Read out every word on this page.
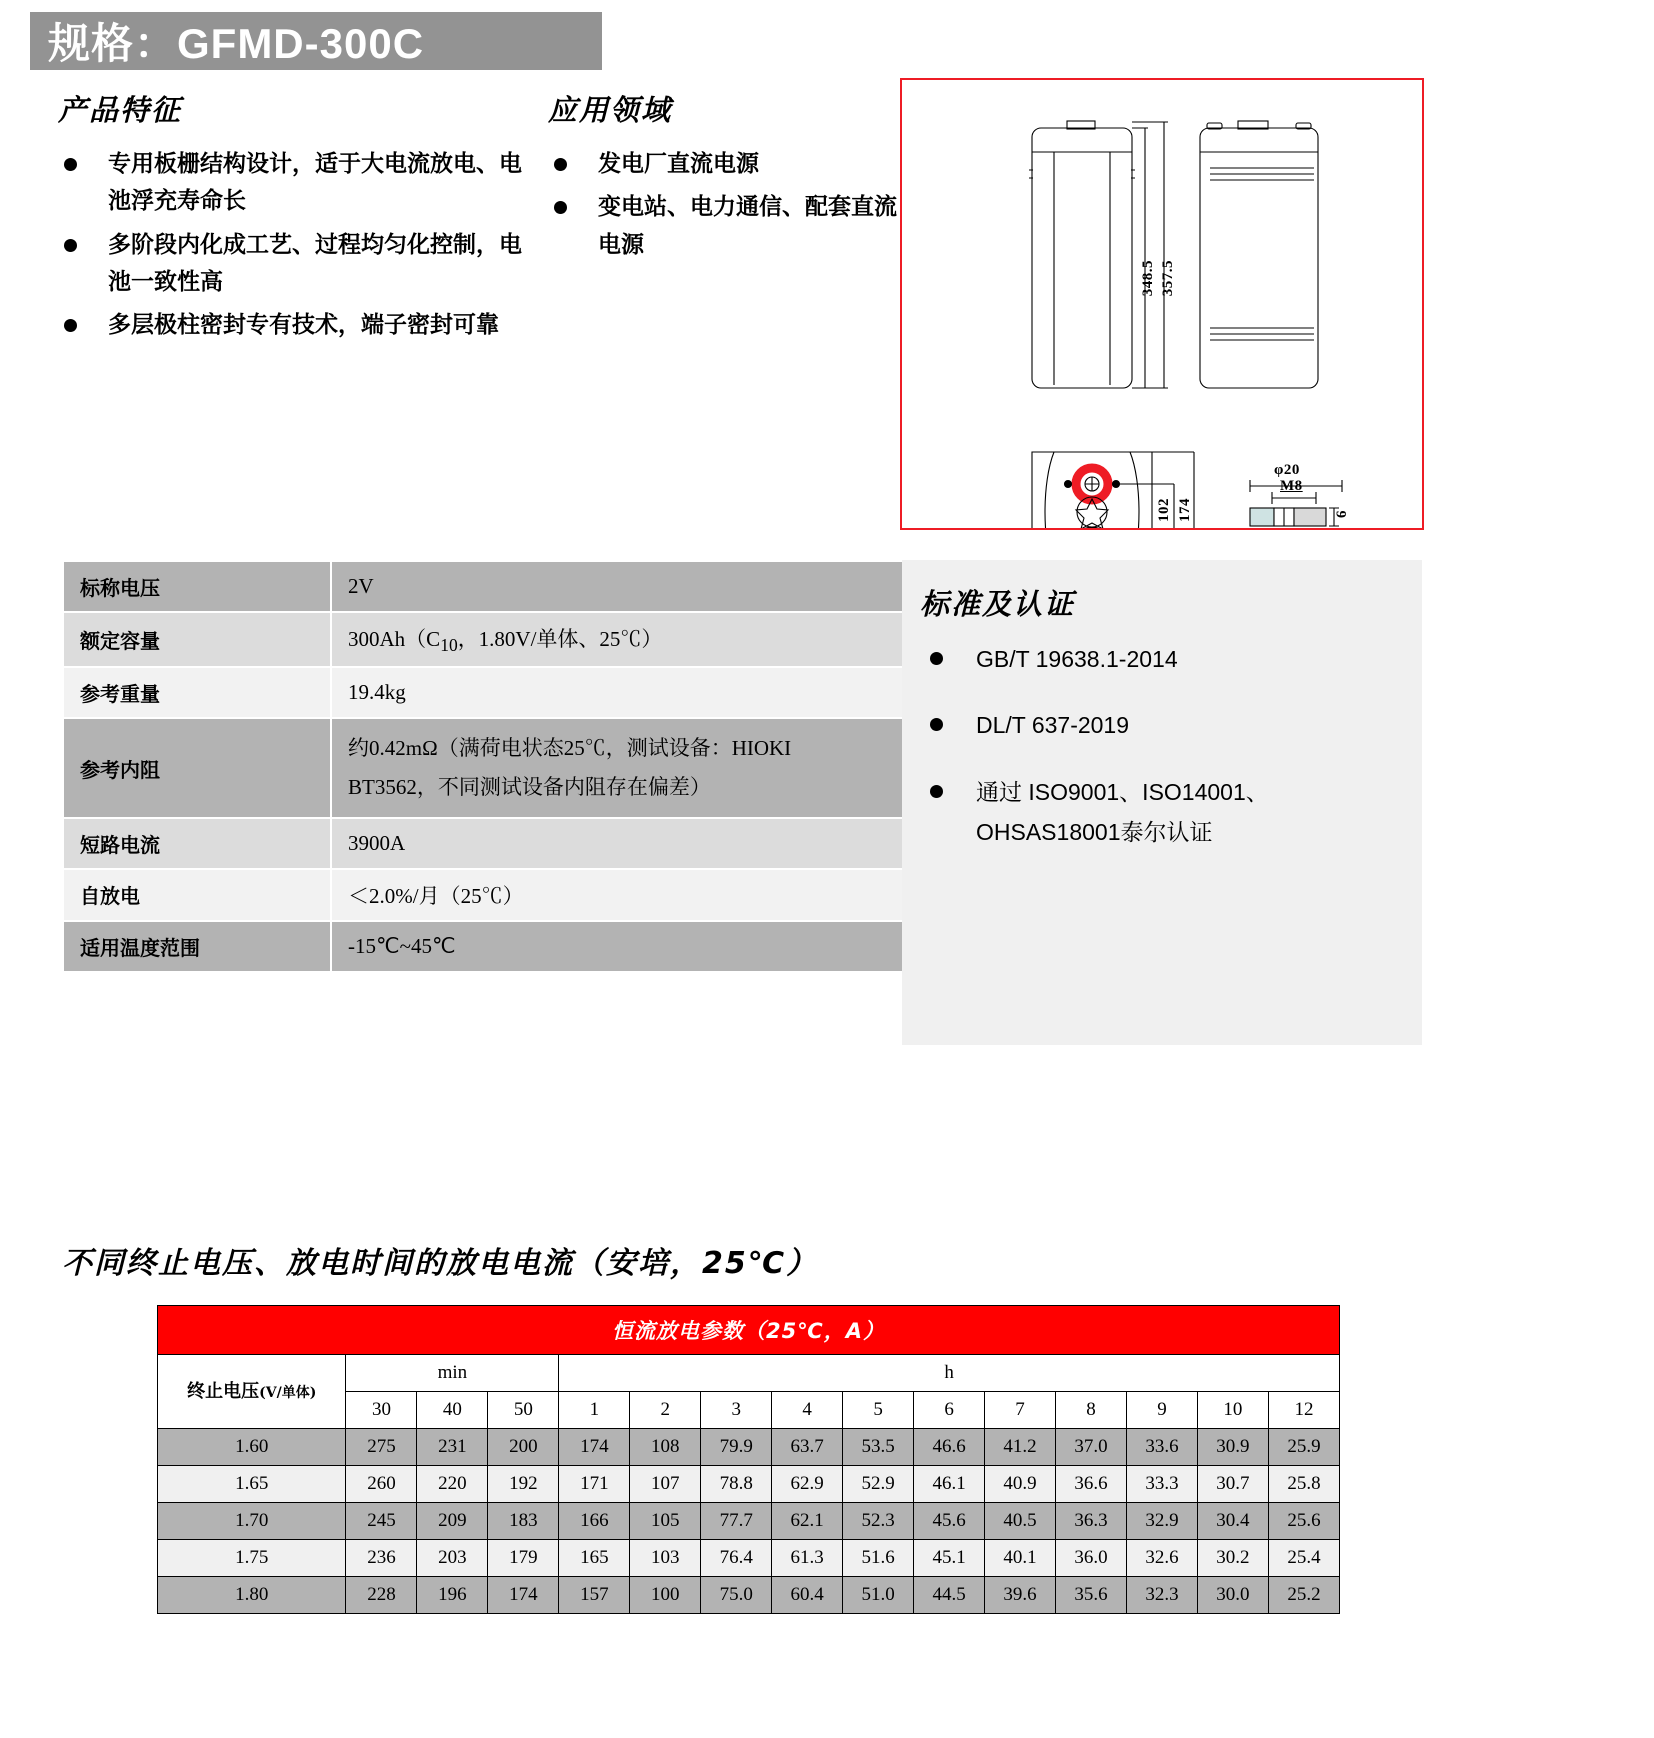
规格：GFMD-300C
产品特征
专用板栅结构设计，适于大电流放电、电池浮充寿命长
多阶段内化成工艺、过程均匀化控制，电池一致性高
多层极柱密封专有技术，端子密封可靠
应用领域
发电厂直流电源
变电站、电力通信、配套直流电源
348.5 357.5
102 174
φ20
M8
6
标称电压	2V
额定容量	$300Ah(C_{10}$，1.80V/单体、25℃）
参考重量	19.4kg
参考内阻	约0.42mΩ（满荷电状态25℃，测试设备：HIOKI
BT3562，不同测试设备内阻存在偏差）

短路电流	3900A
自放电	＜2.0%/月（25℃）
适用温度范围	-15℃~45℃
标准及认证
GB/T 19638.1-2014
DL/T 637-2019
通过 ISO9001、ISO14001、OHSAS18001泰尔认证
不同终止电压、放电时间的放电电流（安培，25℃）
恒流放电参数（25℃，A）														
终止电压(V/单体)	min			h										
	30	40	50	1	2	3	4	5	6	7	8	9	10	12
1.60	275	231	200	174	108	79.9	63.7	53.5	46.6	41.2	37.0	33.6	30.9	25.9
1.65	260	220	192	171	107	78.8	62.9	52.9	46.1	40.9	36.6	33.3	30.7	25.8
1.70	245	209	183	166	105	77.7	62.1	52.3	45.6	40.5	36.3	32.9	30.4	25.6
1.75	236	203	179	165	103	76.4	61.3	51.6	45.1	40.1	36.0	32.6	30.2	25.4
1.80	228	196	174	157	100	75.0	60.4	51.0	44.5	39.6	35.6	32.3	30.0	25.2
